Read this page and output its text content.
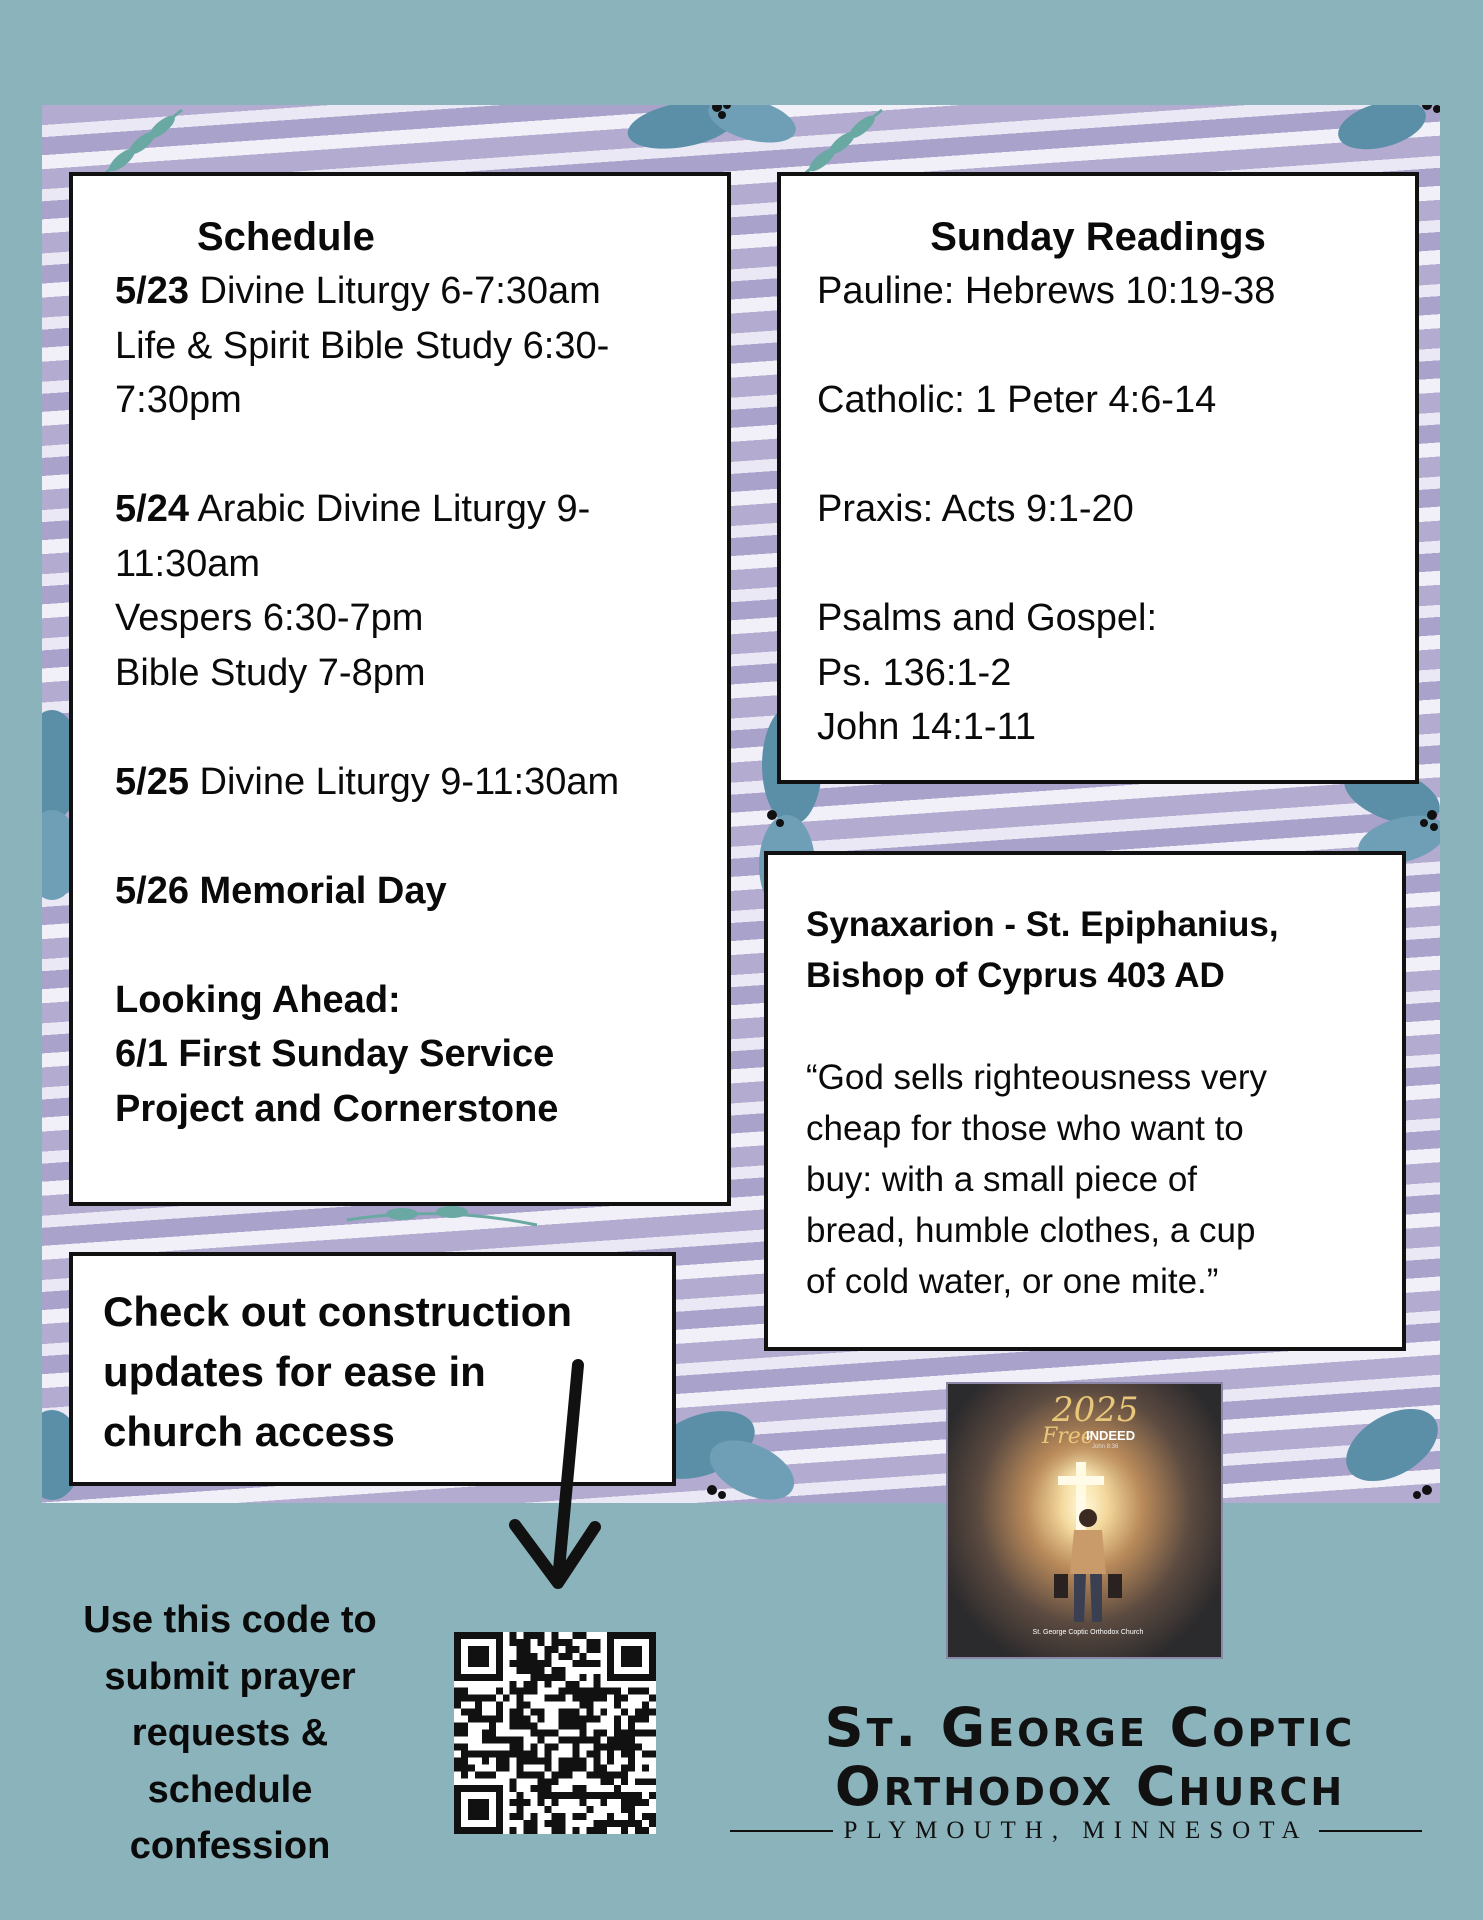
Schedule
5/23 Divine Liturgy 6-7:30am
Life & Spirit Bible Study 6:30-
7:30pm
5/24 Arabic Divine Liturgy 9-
11:30am
Vespers 6:30-7pm
Bible Study 7-8pm
5/25 Divine Liturgy 9-11:30am
5/26 Memorial Day
Looking Ahead:
6/1 First Sunday Service
Project and Cornerstone
Sunday Readings
Pauline: Hebrews 10:19-38
Catholic: 1 Peter 4:6-14
Praxis: Acts 9:1-20
Psalms and Gospel:
Ps. 136:1-2
John 14:1-11
Synaxarion - St. Epiphanius,
Bishop of Cyprus 403 AD
“God sells righteousness very
cheap for those who want to
buy: with a small piece of
bread, humble clothes, a cup
of cold water, or one mite.”
Check out construction
updates for ease in
church access	2025
Free
INDEED
John 8:36
St. George Coptic Orthodox Church
Use this code to
submit prayer
requests &
schedule
confession
St. George Coptic
Orthodox Church
PLYMOUTH, MINNESOTA
